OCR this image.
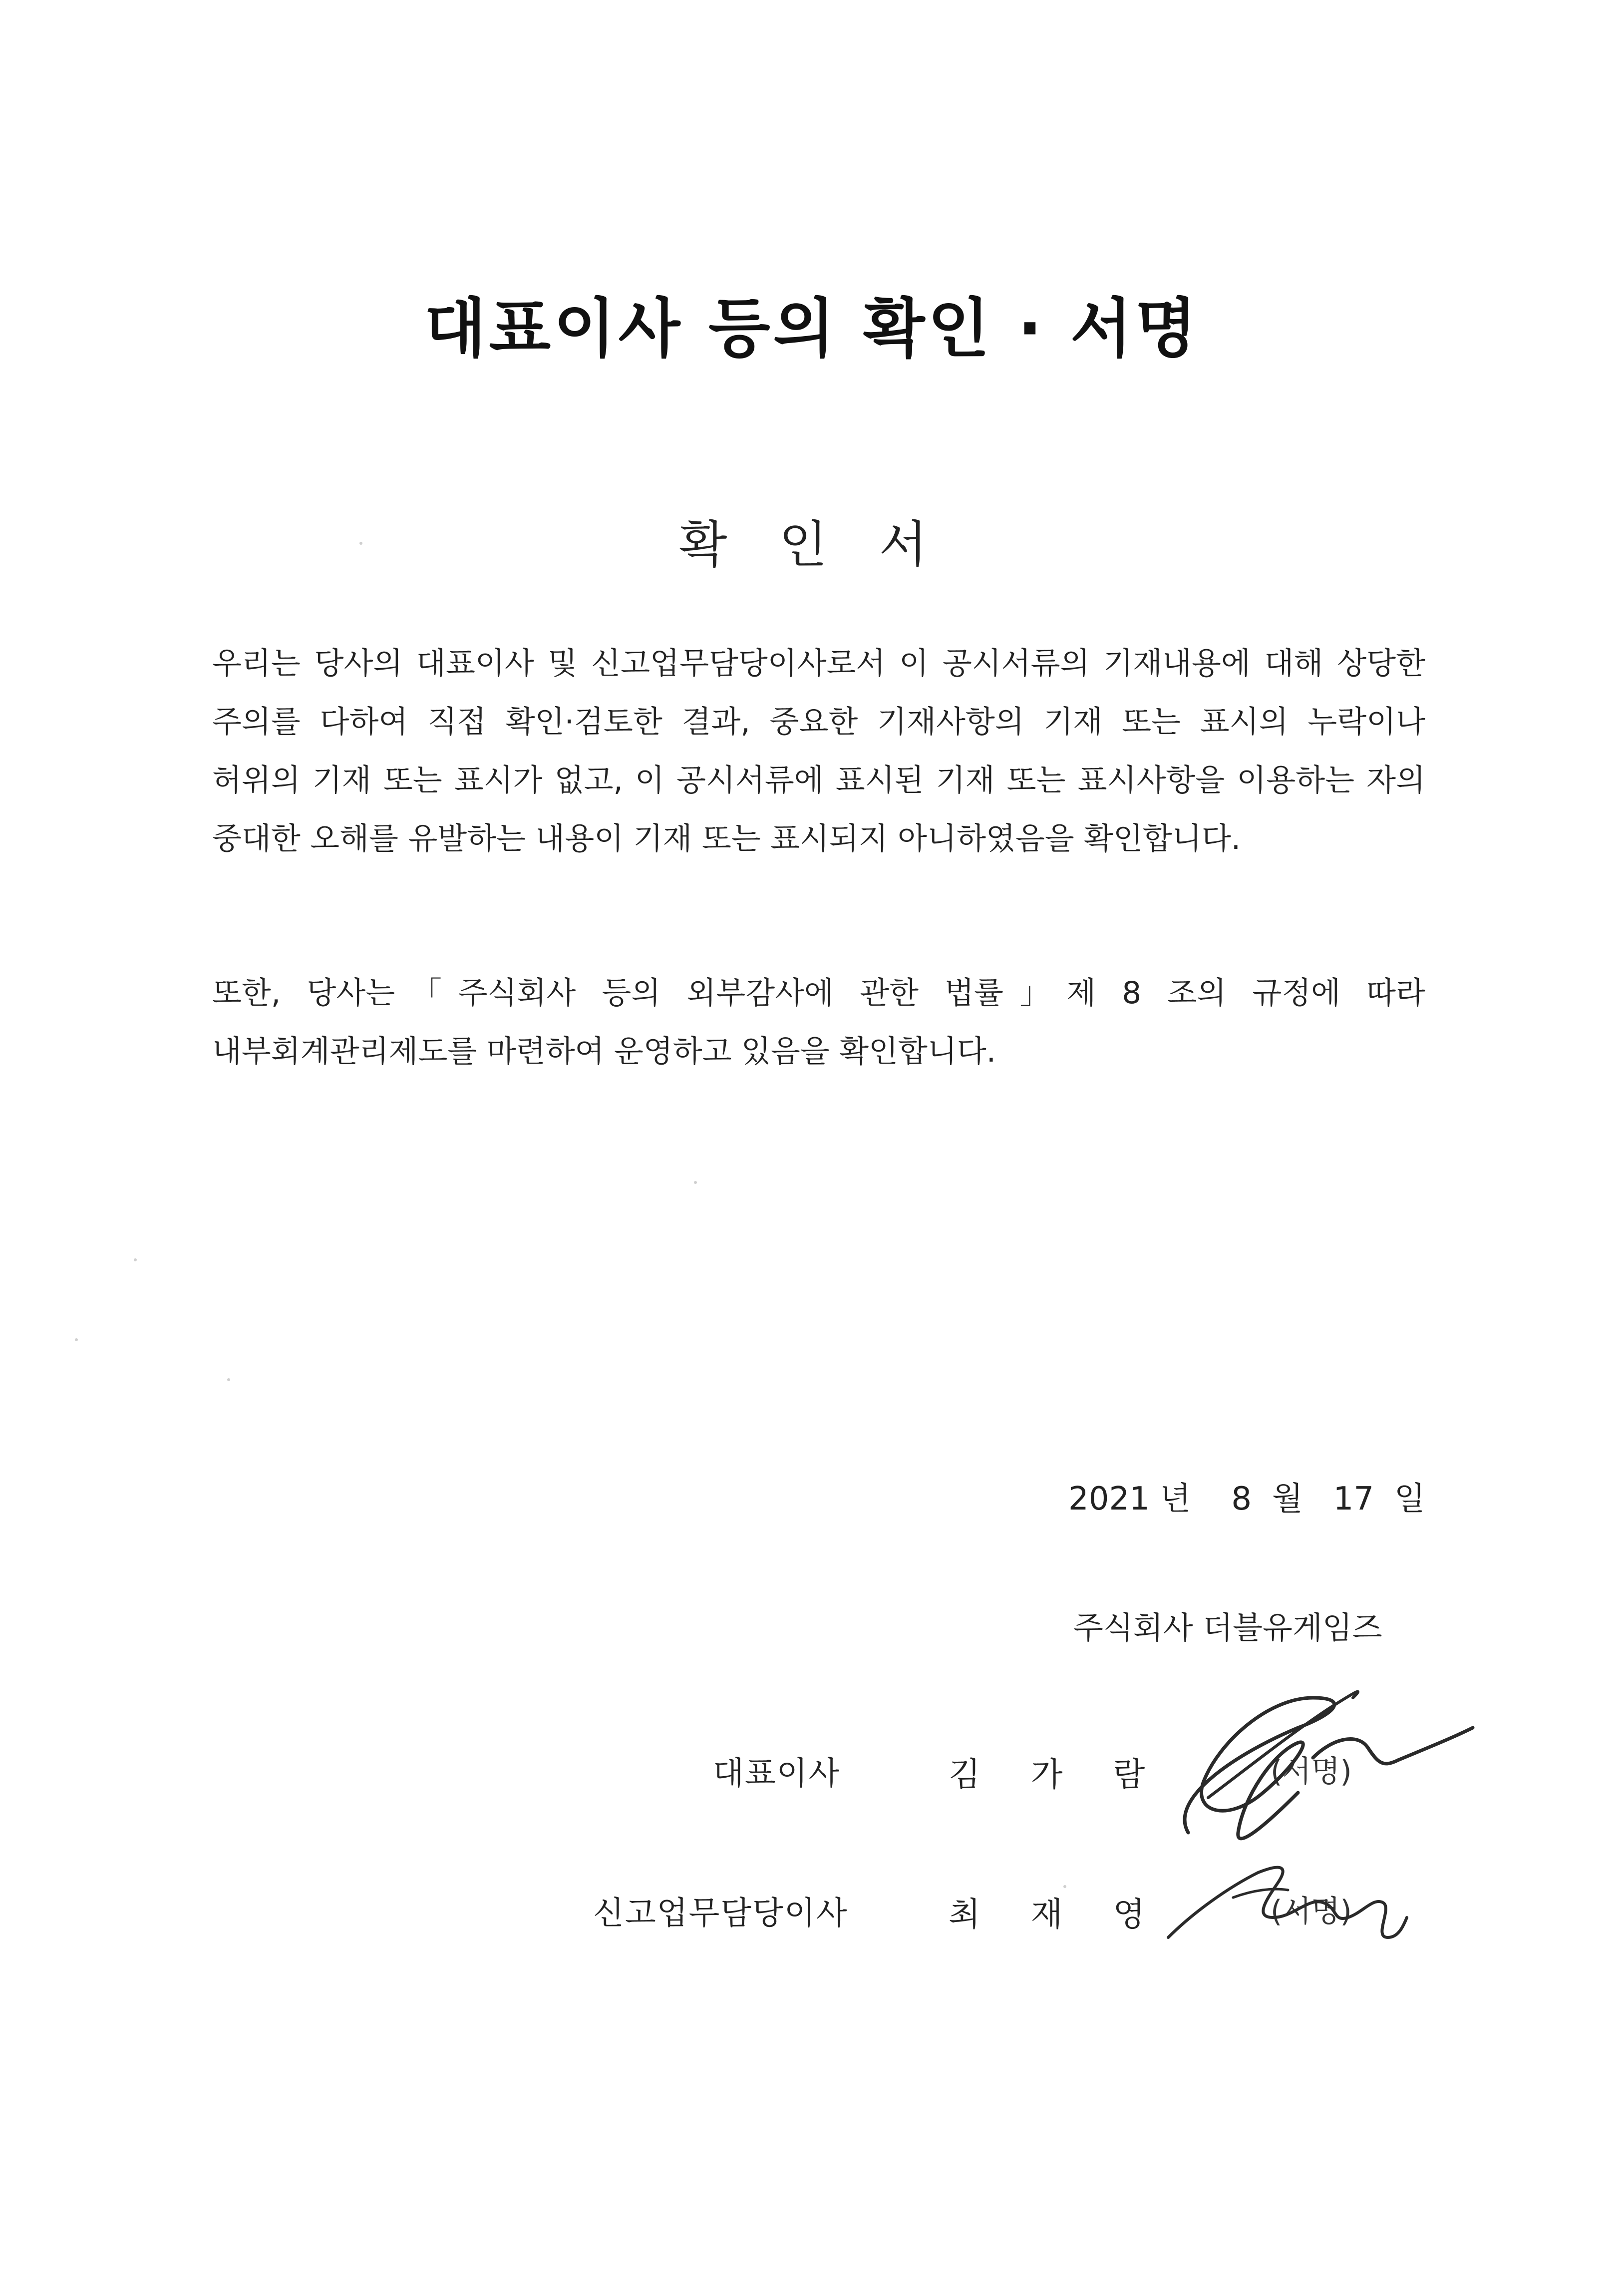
대표이사 등의 확인 · 서명
확 인 서
우리는 당사의 대표이사 및 신고업무담당이사로서 이 공시서류의 기재내용에 대해 상당한 주의를 다하여 직접 확인·검토한 결과, 중요한 기재사항의 기재 또는 표시의 누락이나 허위의 기재 또는 표시가 없고, 이 공시서류에 표시된 기재 또는 표시사항을 이용하는 자의 중대한 오해를 유발하는 내용이 기재 또는 표시되지 아니하였음을 확인합니다.
또한, 당사는「주식회사 등의 외부감사에 관한 법률」제 8 조의 규정에 따라 내부회계관리제도를 마련하여 운영하고 있음을 확인합니다.
2021 년    8  월   17  일
주식회사 더블유게임즈
대표이사	김 가 람	(서명)
신고업무담당이사	최 재 영	(서명)
